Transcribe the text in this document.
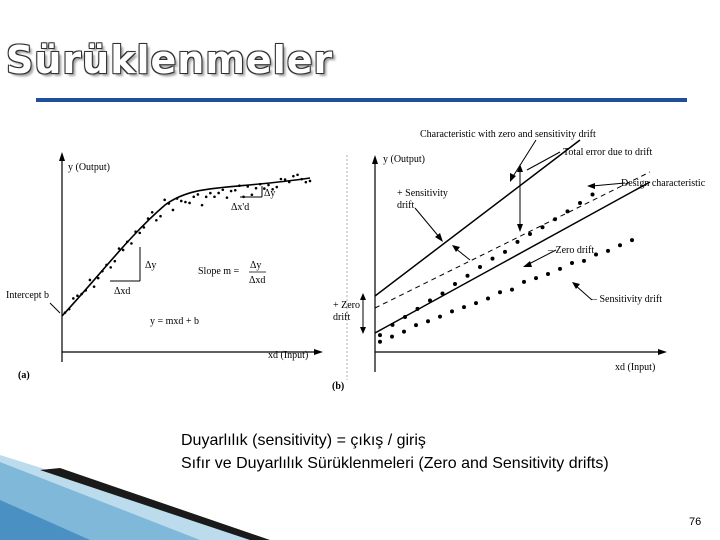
Sürüklenmeler
y (Output)
xd (Input)
Intercept b
Slope m =
Δy
Δxd
y = mxd + b
Δy
Δxd
Δy
Δx'd
(a)
Characteristic with zero and sensitivity drift
Total error due to drift
Design characteristic
y (Output)
+ Sensitivity
drift
– Zero drift
– Sensitivity drift
+ Zero
drift
xd (Input)
(b)
Duyarlılık (sensitivity) = çıkış / giriş
Sıfır ve Duyarlılık Sürüklenmeleri (Zero and Sensitivity drifts)
76
